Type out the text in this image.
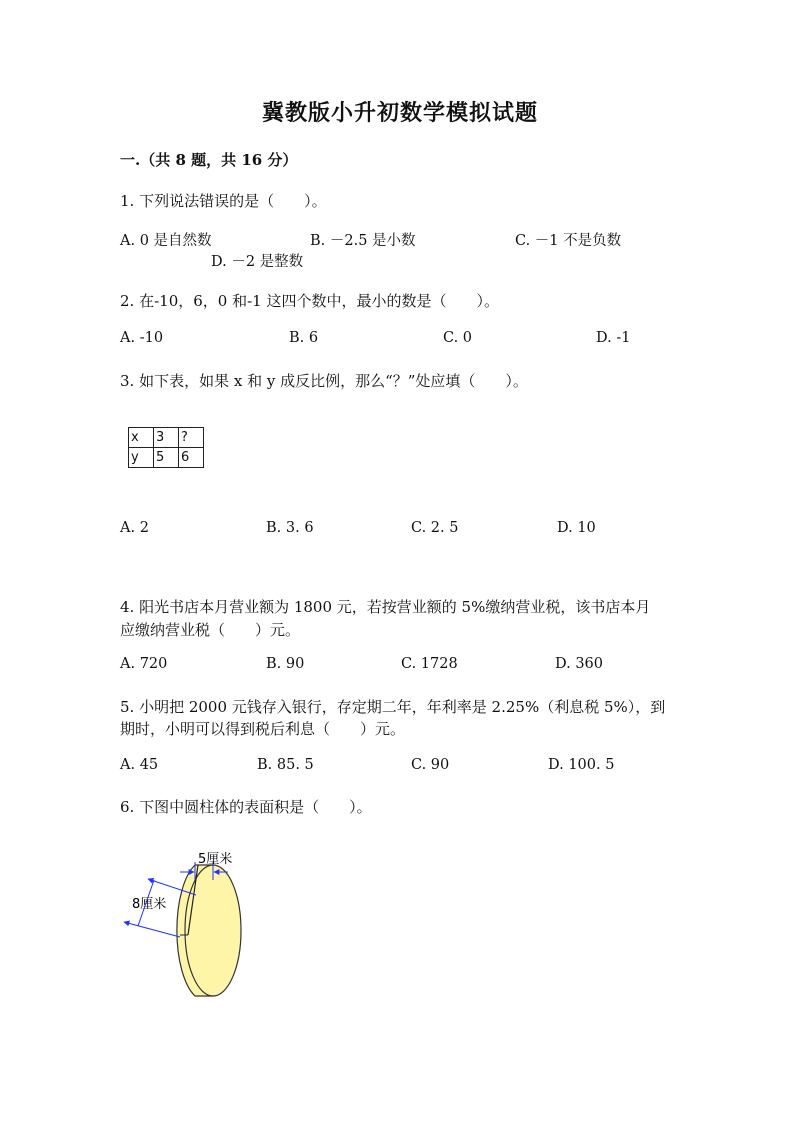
冀教版小升初数学模拟试题
一.（共 8 题，共 16 分）
1. 下列说法错误的是（　　）。
A. 0 是自然数	B. －2.5 是小数	C. －1 不是负数
D. －2 是整数
2. 在-10，6，0 和-1 这四个数中，最小的数是（　　）。
A. -10	B. 6	C. 0	D. -1
3. 如下表，如果 x 和 y 成反比例，那么“？”处应填（　　）。
x	3	?
y	5	6
A. 2	B. 3. 6	C. 2. 5	D. 10
4. 阳光书店本月营业额为 1800 元，若按营业额的 5%缴纳营业税，该书店本月
应缴纳营业税（　　）元。
A. 720	B. 90	C. 1728	D. 360
5. 小明把 2000 元钱存入银行，存定期二年，年利率是 2.25%（利息税 5%），到
期时，小明可以得到税后利息（　　）元。
A. 45	B. 85. 5	C. 90	D. 100. 5
6. 下图中圆柱体的表面积是（　　）。
5厘米
8厘米
